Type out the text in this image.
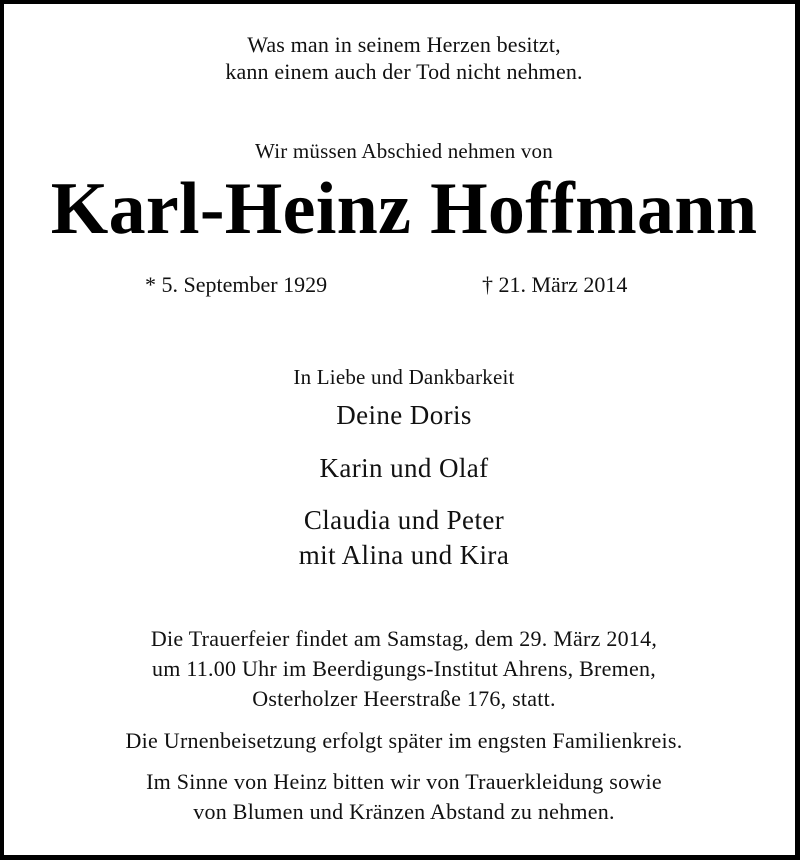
Was man in seinem Herzen besitzt,

kann einem auch der Tod nicht nehmen.

Wir müssen Abschied nehmen von

Karl-Heinz Hoffmann
* 5. September 1929	† 21. März 2014

In Liebe und Dankbarkeit

Deine Doris

Karin und Olaf

Claudia und Peter

mit Alina und Kira

Die Trauerfeier findet am Samstag, dem 29. März 2014,

um 11.00 Uhr im Beerdigungs-Institut Ahrens, Bremen,

Osterholzer Heerstraße 176, statt.

Die Urnenbeisetzung erfolgt später im engsten Familienkreis.

Im Sinne von Heinz bitten wir von Trauerkleidung sowie

von Blumen und Kränzen Abstand zu nehmen.
